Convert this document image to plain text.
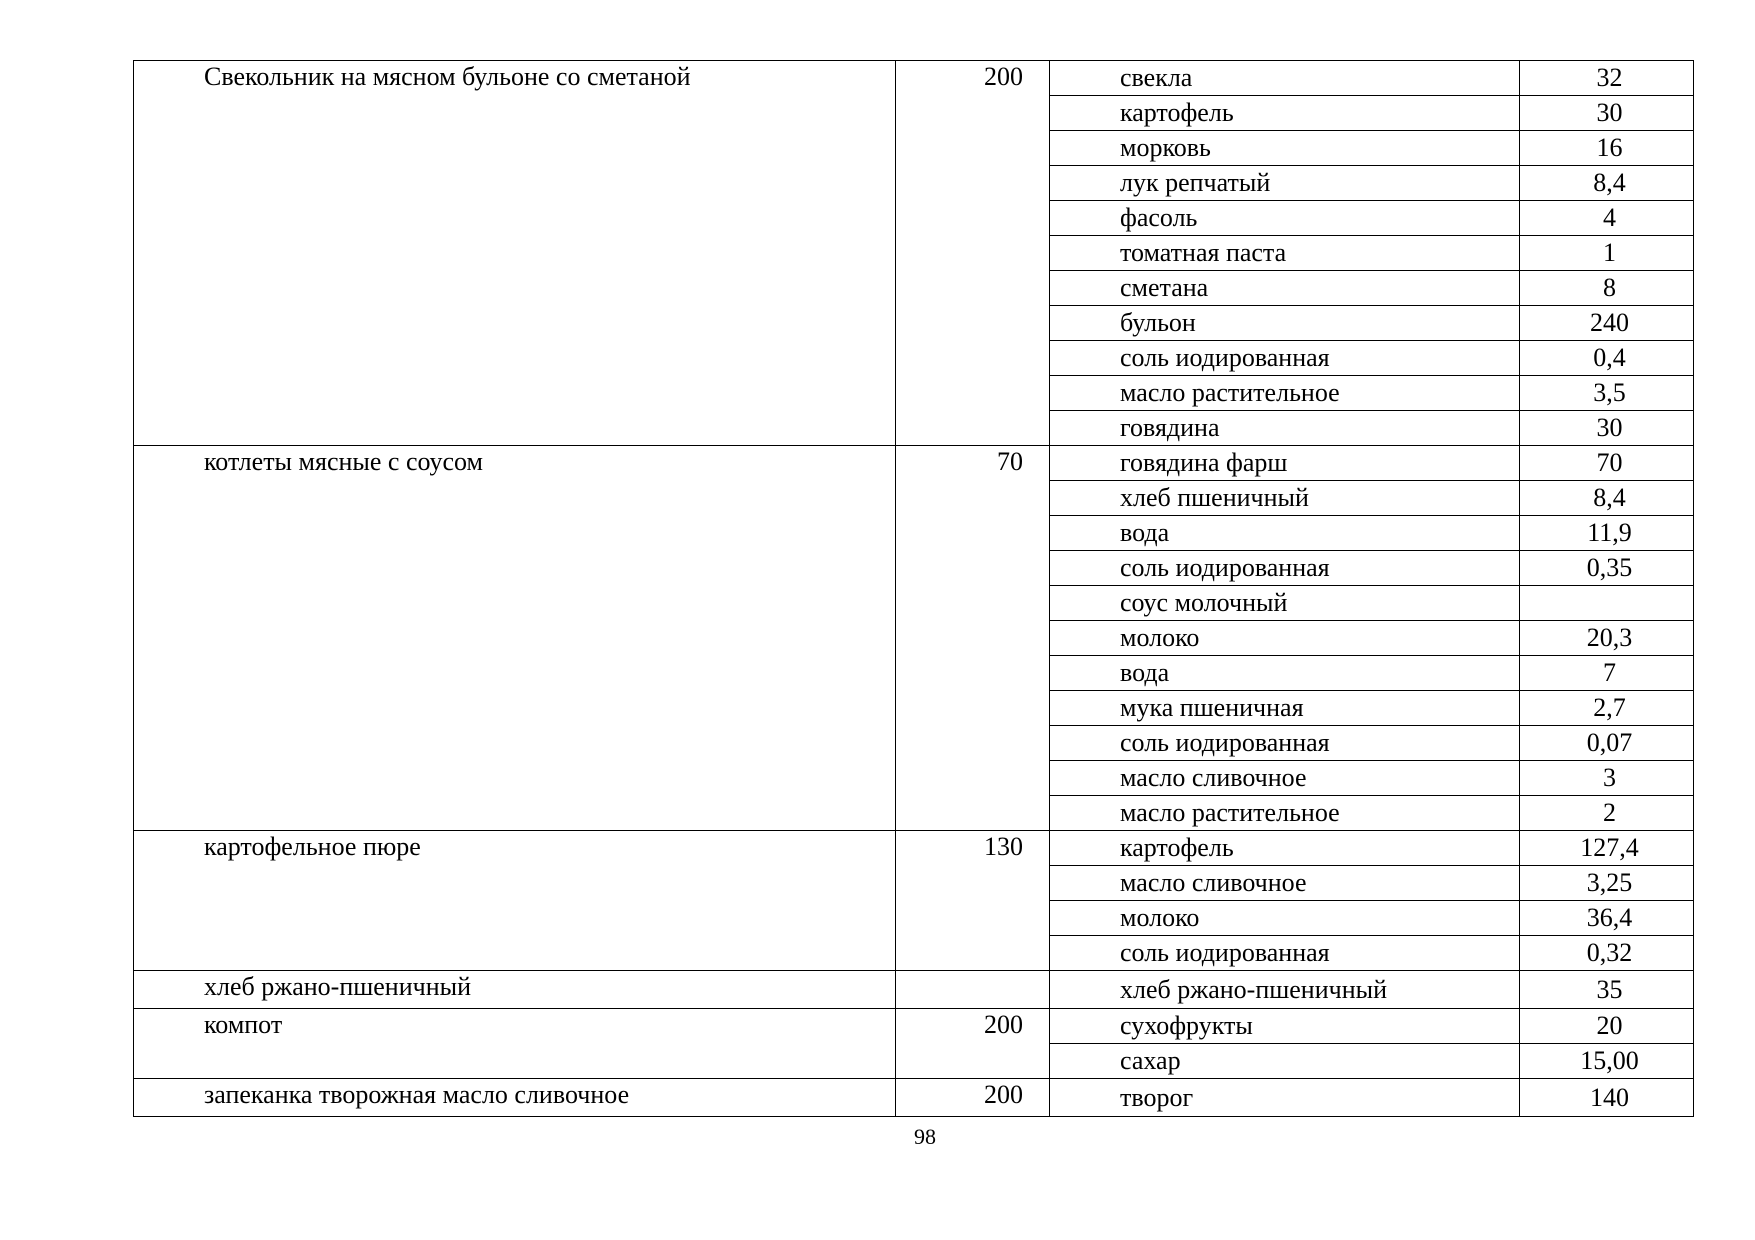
Свекольник на мясном бульоне со сметаной	200	свекла	32
		картофель	30
		морковь	16
		лук репчатый	8,4
		фасоль	4
		томатная паста	1
		сметана	8
		бульон	240
		соль иодированная	0,4
		масло растительное	3,5
		говядина	30
котлеты мясные с соусом	70	говядина фарш	70
		хлеб пшеничный	8,4
		вода	11,9
		соль иодированная	0,35
		соус молочный	
		молоко	20,3
		вода	7
		мука пшеничная	2,7
		соль иодированная	0,07
		масло сливочное	3
		масло растительное	2
картофельное пюре	130	картофель	127,4
		масло сливочное	3,25
		молоко	36,4
		соль иодированная	0,32
хлеб ржано-пшеничный		хлеб ржано-пшеничный	35
компот	200	сухофрукты	20
		сахар	15,00
запеканка творожная масло сливочное	200	творог	140
98
